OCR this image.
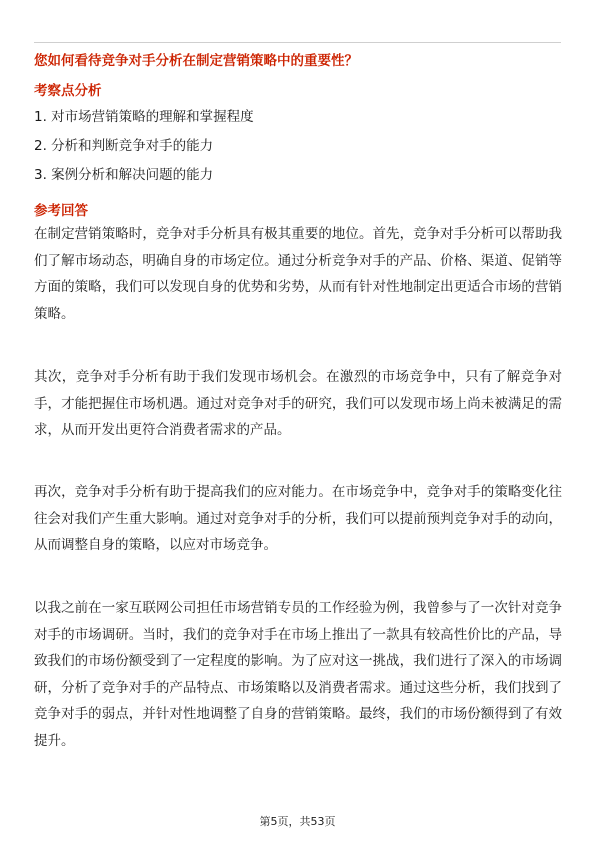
您如何看待竞争对手分析在制定营销策略中的重要性？
考察点分析
1. 对市场营销策略的理解和掌握程度
2. 分析和判断竞争对手的能力
3. 案例分析和解决问题的能力
参考回答
在制定营销策略时，竞争对手分析具有极其重要的地位。首先，竞争对手分析可以帮助我们了解市场动态，明确自身的市场定位。通过分析竞争对手的产品、价格、渠道、促销等方面的策略，我们可以发现自身的优势和劣势，从而有针对性地制定出更适合市场的营销策略。
其次，竞争对手分析有助于我们发现市场机会。在激烈的市场竞争中，只有了解竞争对手，才能把握住市场机遇。通过对竞争对手的研究，我们可以发现市场上尚未被满足的需求，从而开发出更符合消费者需求的产品。
再次，竞争对手分析有助于提高我们的应对能力。在市场竞争中，竞争对手的策略变化往往会对我们产生重大影响。通过对竞争对手的分析，我们可以提前预判竞争对手的动向，从而调整自身的策略，以应对市场竞争。
以我之前在一家互联网公司担任市场营销专员的工作经验为例，我曾参与了一次针对竞争对手的市场调研。当时，我们的竞争对手在市场上推出了一款具有较高性价比的产品，导致我们的市场份额受到了一定程度的影响。为了应对这一挑战，我们进行了深入的市场调研，分析了竞争对手的产品特点、市场策略以及消费者需求。通过这些分析，我们找到了竞争对手的弱点，并针对性地调整了自身的营销策略。最终，我们的市场份额得到了有效提升。
第5页，共53页
